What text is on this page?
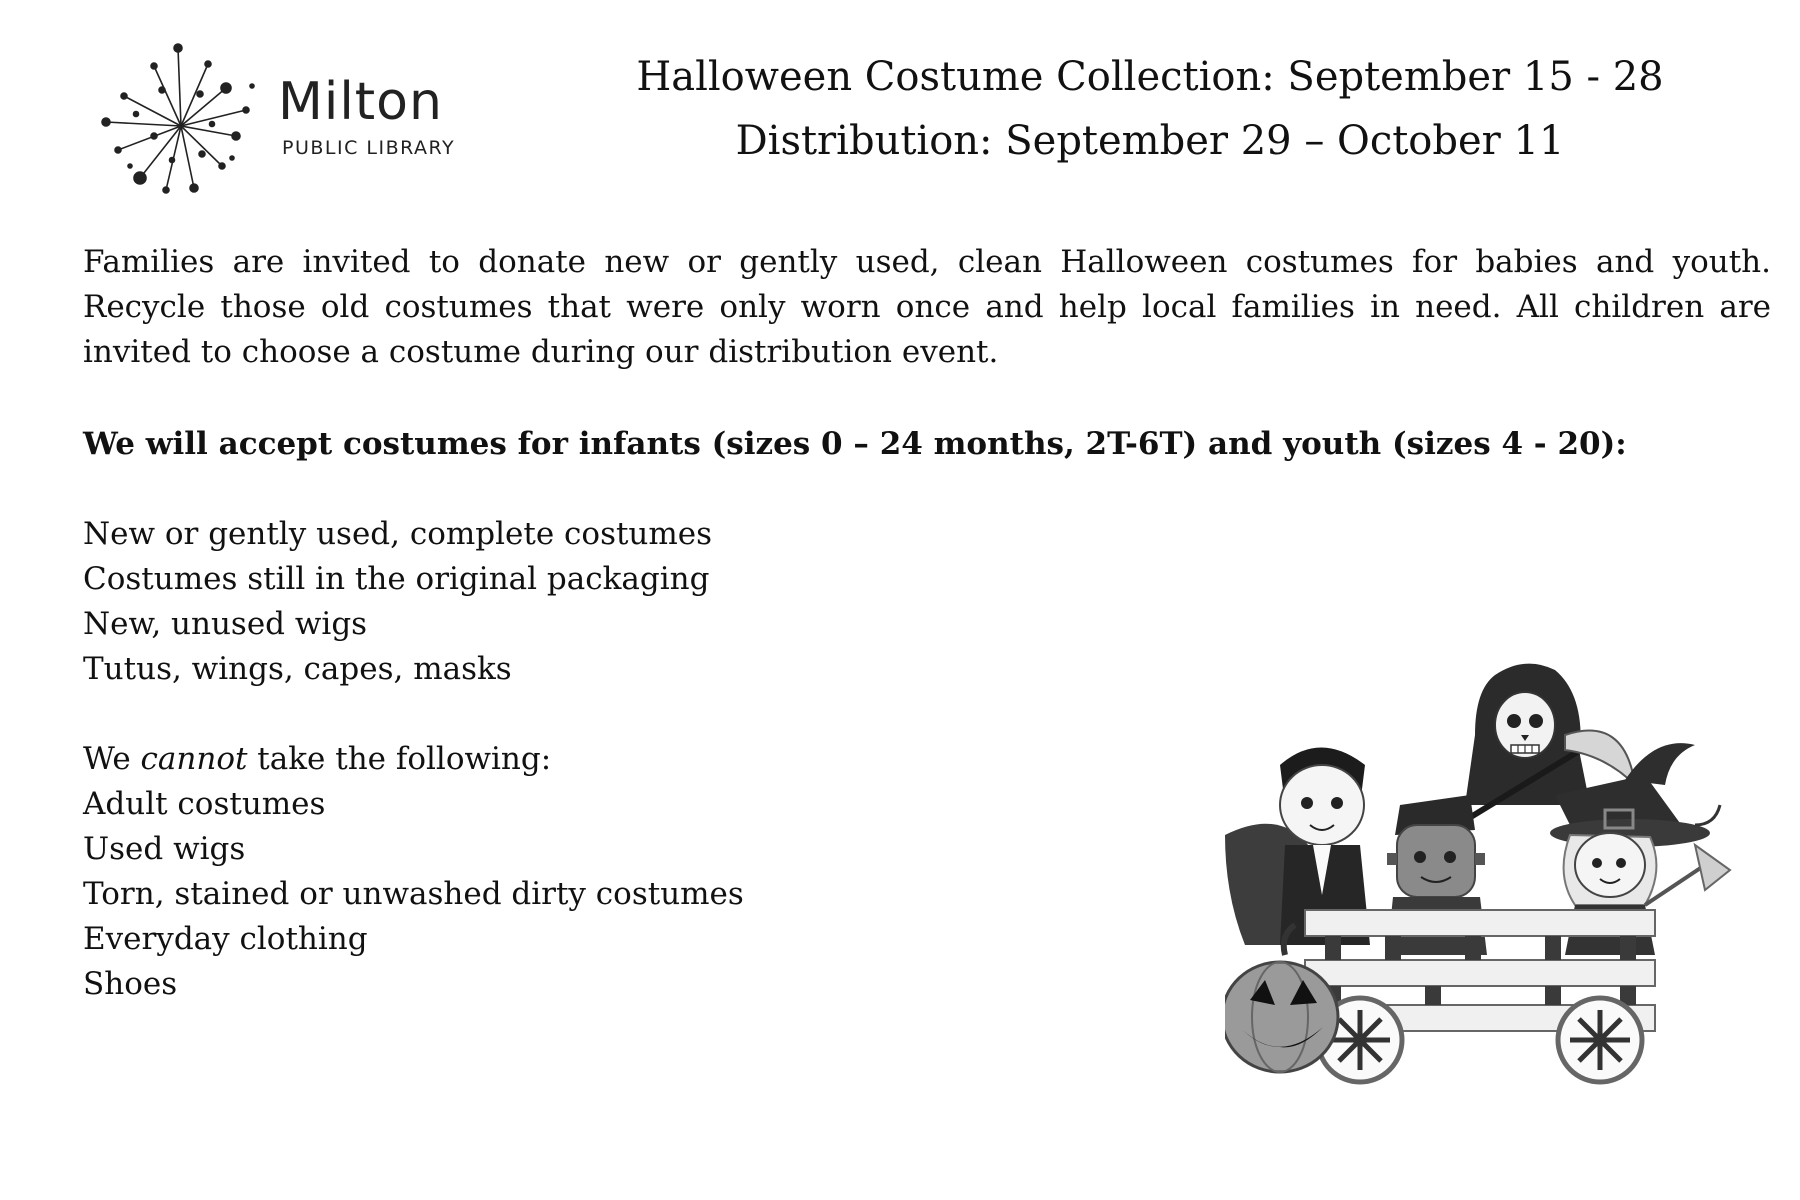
Milton
PUBLIC LIBRARY
Halloween Costume Collection: September 15 - 28
Distribution: September 29 – October 11

Families are invited to donate new or gently used, clean Halloween costumes for babies and youth. Recycle those old costumes that were only worn once and help local families in need. All children are invited to choose a costume during our distribution event.

We will accept costumes for infants (sizes 0 – 24 months, 2T-6T) and youth (sizes 4 - 20):
New or gently used, complete costumes
Costumes still in the original packaging
New, unused wigs
Tutus, wings, capes, masks
We cannot take the following:
Adult costumes
Used wigs
Torn, stained or unwashed dirty costumes
Everyday clothing
Shoes
